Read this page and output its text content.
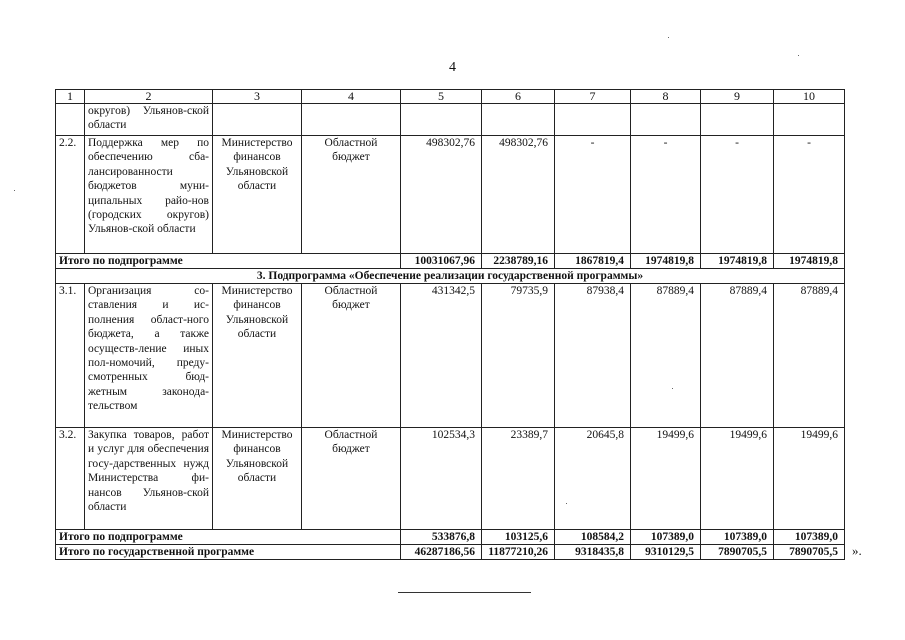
4
1	2	3	4	5	6	7	8	9	10
	округов) Ульянов-ской области								
2.2.	Поддержка мер по обеспечению сба-лансированности бюджетов муни-ципальных райо-нов (городских округов) Ульянов-ской области	Министерство финансов Ульяновской области	Областной бюджет	498302,76	498302,76	-	-	-	-
Итого по подпрограмме				10031067,96	2238789,16	1867819,4	1974819,8	1974819,8	1974819,8
3. Подпрограмма «Обеспечение реализации государственной программы»									
3.1.	Организация со-ставления и ис-полнения област-ного бюджета, а также осуществ-ление иных пол-номочий, преду-смотренных бюд-жетным законода-тельством	Министерство финансов Ульяновской области	Областной бюджет	431342,5	79735,9	87938,4	87889,4	87889,4	87889,4
3.2.	Закупка товаров, работ и услуг для обеспечения госу-дарственных нужд Министерства фи-нансов Ульянов-ской области	Министерство финансов Ульяновской области	Областной бюджет	102534,3	23389,7	20645,8	19499,6	19499,6	19499,6
Итого по подпрограмме				533876,8	103125,6	108584,2	107389,0	107389,0	107389,0
Итого по государственной программе				46287186,56	11877210,26	9318435,8	9310129,5	7890705,5	7890705,5 ».
